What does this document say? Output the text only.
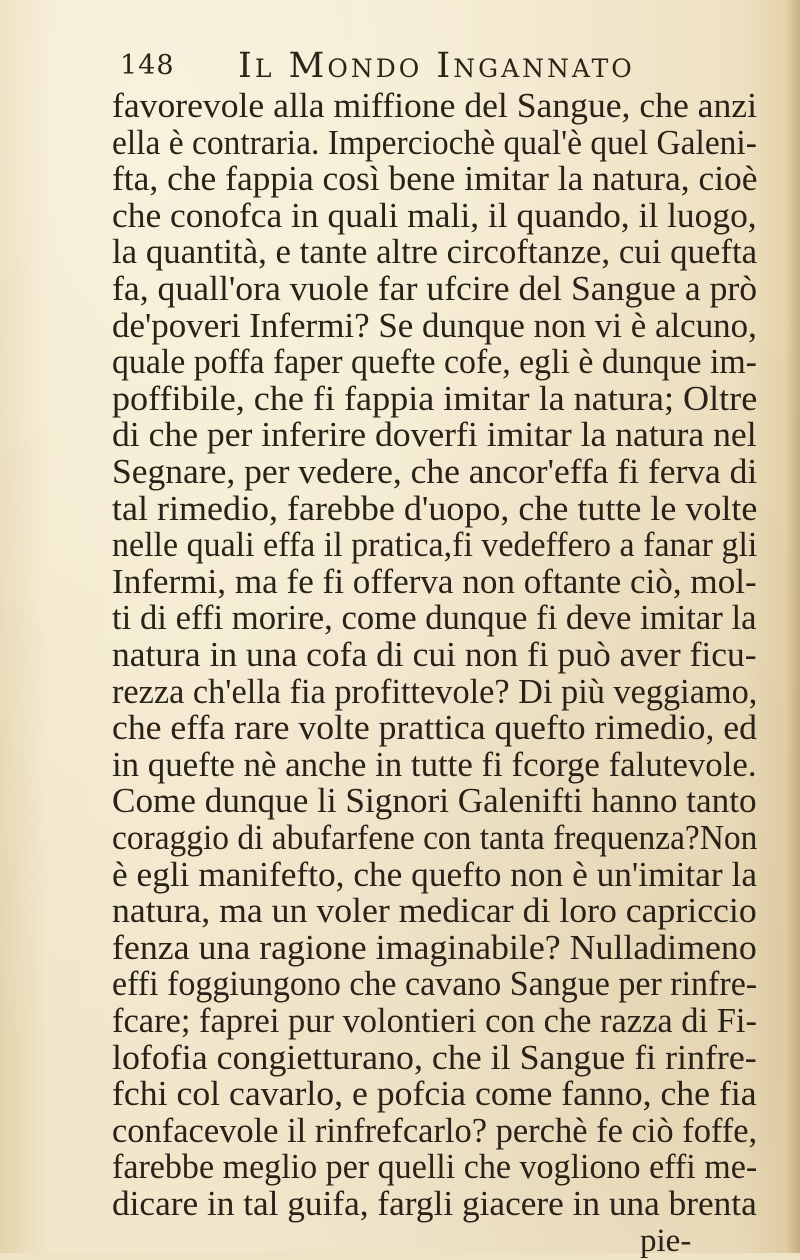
148 Il Mondo Ingannato
favorevole alla miffione del Sangue, che anzi
ella è contraria. Imperciochè qual'è quel Galeni-
fta, che fappia così bene imitar la natura, cioè
che conofca in quali mali, il quando, il luogo,
la quantità, e tante altre circoftanze, cui quefta
fa, quall'ora vuole far ufcire del Sangue a prò
de'poveri Infermi? Se dunque non vi è alcuno,
quale poffa faper quefte cofe, egli è dunque im-
poffibile, che fi fappia imitar la natura; Oltre
di che per inferire doverfi imitar la natura nel
Segnare, per vedere, che ancor'effa fi ferva di
tal rimedio, farebbe d'uopo, che tutte le volte
nelle quali effa il pratica,fi vedeffero a fanar gli
Infermi, ma fe fi offerva non oftante ciò, mol-
ti di effi morire, come dunque fi deve imitar la
natura in una cofa di cui non fi può aver ficu-
rezza ch'ella fia profittevole? Di più veggiamo,
che effa rare volte prattica quefto rimedio, ed
in quefte nè anche in tutte fi fcorge falutevole.
Come dunque li Signori Galenifti hanno tanto
coraggio di abufarfene con tanta frequenza?Non
è egli manifefto, che quefto non è un'imitar la
natura, ma un voler medicar di loro capriccio
fenza una ragione imaginabile? Nulladimeno
effi foggiungono che cavano Sangue per rinfre-
fcare; faprei pur volontieri con che razza di Fi-
lofofia congietturano, che il Sangue fi rinfre-
fchi col cavarlo, e pofcia come fanno, che fia
confacevole il rinfrefcarlo? perchè fe ciò foffe,
farebbe meglio per quelli che vogliono effi me-
dicare in tal guifa, fargli giacere in una brenta
pie-
